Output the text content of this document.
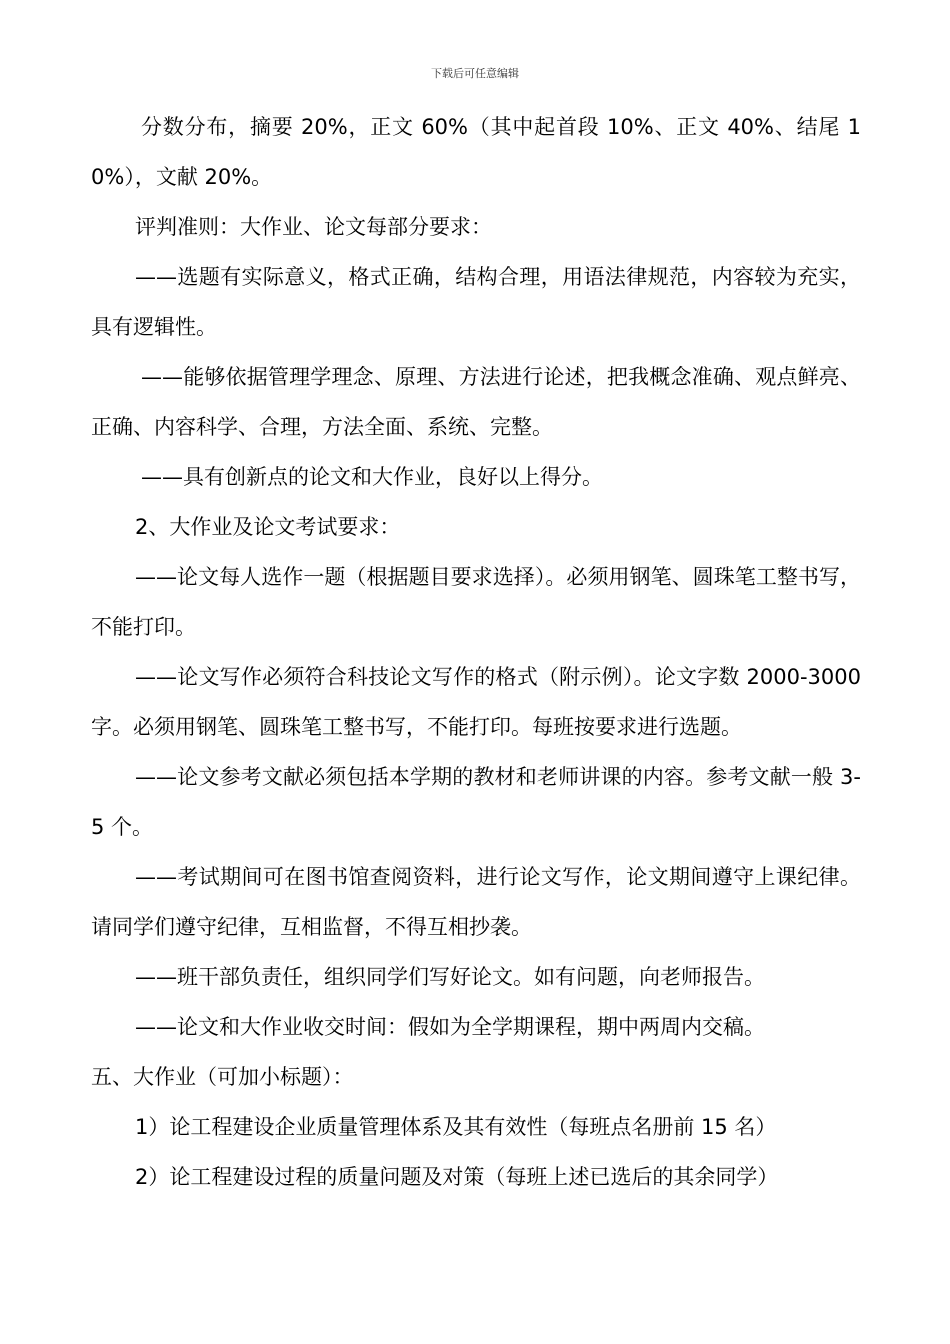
下载后可任意编辑

分数分布，摘要 20%，正文 60%（其中起首段 10%、正文 40%、结尾 10%），文献 20%。

评判准则：大作业、论文每部分要求：

——选题有实际意义，格式正确，结构合理，用语法律规范，内容较为充实，具有逻辑性。

——能够依据管理学理念、原理、方法进行论述，把我概念准确、观点鲜亮、正确、内容科学、合理，方法全面、系统、完整。

——具有创新点的论文和大作业，良好以上得分。

2、大作业及论文考试要求：

——论文每人选作一题（根据题目要求选择）。必须用钢笔、圆珠笔工整书写，不能打印。

——论文写作必须符合科技论文写作的格式（附示例）。论文字数 2000-3000 字。必须用钢笔、圆珠笔工整书写，不能打印。每班按要求进行选题。

——论文参考文献必须包括本学期的教材和老师讲课的内容。参考文献一般 3-5 个。

——考试期间可在图书馆查阅资料，进行论文写作，论文期间遵守上课纪律。请同学们遵守纪律，互相监督，不得互相抄袭。

——班干部负责任，组织同学们写好论文。如有问题，向老师报告。

——论文和大作业收交时间：假如为全学期课程，期中两周内交稿。

五、大作业（可加小标题）：

1）论工程建设企业质量管理体系及其有效性（每班点名册前 15 名）

2）论工程建设过程的质量问题及对策（每班上述已选后的其余同学）
